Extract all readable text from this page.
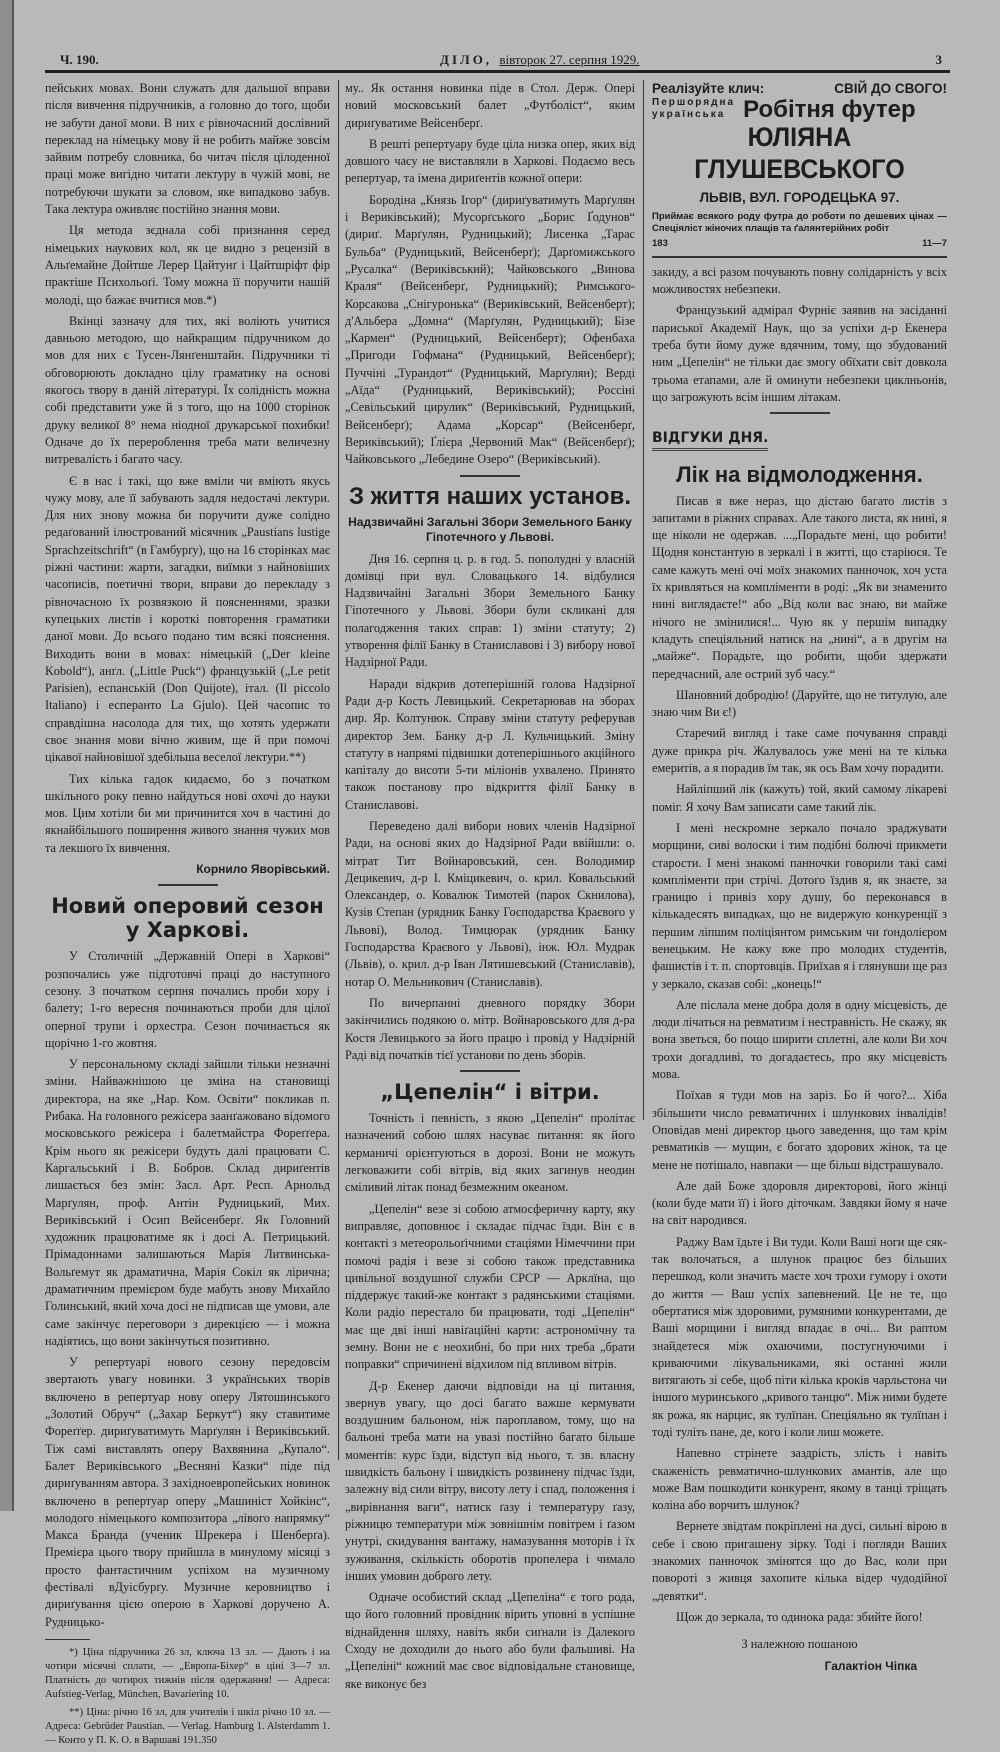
Ч. 190.	ДІЛО, вівторок 27. серпня 1929.	3

пейських мовах. Вони служать для дальшої вправи після вивчення підручників, а головно до того, щоби не забути даної мови. В них є рівночасний дослівний переклад на німецьку мову й не робить майже зовсім зайвим потребу словника, бо читач після цілоденної праці може вигідно читати лектуру в чужій мові, не потребуючи шукати за словом, яке випадково забув. Така лектура оживляє постійно знання мови.

Ця метода зєднала собі признання серед німецьких наукових кол, як це видно з рецензій в Альґемайне Дойтше Лерер Цайтунґ і Цайтшріфт фір практіше Психольоґі. Тому можна її поручити нашій молоді, що бажає вчитися мов.*)

Вкінці зазначу для тих, які воліють учитися давньою методою, що найкращим підручником до мов для них є Тусен-Лянґенштайн. Підручники ті обговорюють докладно цілу граматику на основі якогось твору в даній літературі. Їх солідність можна собі представити уже й з того, що на 1000 сторінок друку великої 8° нема ніодної друкарської похибки! Одначе до їх перероблення треба мати величезну витревалість і багато часу.

Є в нас і такі, що вже вміли чи вміють якусь чужу мову, але її забувають задля недостачі лектури. Для них знову можна би поручити дуже солідно редаґований ілюстрований місячник „Paustians lustige Sprachzeitschrift“ (в Гамбурґу), що на 16 сторінках має ріжні частини: жарти, загадки, виїмки з найновіших часописів, поетичні твори, вправи до перекладу з рівночасною їх розвязкою й поясненнями, зразки купецьких листів і короткі повторення граматики даної мови. До всього подано тим всякі пояснення. Виходить вони в мовах: німецькій („Der kleine Kobold“), анґл. („Little Puck“) французькій („Le petit Parisien), еспанській (Don Quijote), італ. (Il piccolo Italiano) і есперанто La Gjulo). Цей часопис то справдішна насолода для тих, що хотять удержати своє знання мови вічно живим, ще й при помочі цікавої найновішої здебільша веселої лектури.**)

Тих кілька гадок кидаємо, бо з початком шкільного року певно найдуться нові охочі до науки мов. Цим хотіли би ми причинится хоч в частині до якнайбільшого поширення живого знання чужих мов та лекшого їх вивчення.

Корнило Яворівський.
Новий оперовий сезон у Харкові.

У Столичній „Державній Опері в Харкові“ розпочались уже підготовчі праці до наступного сезону. З початком серпня почались проби хору і балету; 1-го вересня починаються проби для цілої оперної трупи і орхестра. Сезон починається як щорічно 1-го жовтня.

У персональному складі зайшли тільки незначні зміни. Найважнішою це зміна на становищі директора, на яке „Нар. Ком. Освіти“ покликав п. Рибака. На головного режісера заанґажовано відомого московського режісера і балетмайстра Фореґґера. Крім нього як режісери будуть далі працювати С. Каргальський і В. Бобров. Склад дириґентів лишається без змін: Засл. Арт. Респ. Арнольд Марґулян, проф. Антін Рудницький, Мих. Вериківський і Осип Вейсенберґ. Як Головний художник працюватиме як і досі А. Петрицький. Прімадоннами залишаються Марія Литвинська-Вольґемут як драматична, Марія Сокіл як лірична; драматичним премієром буде мабуть знову Михайло Голинський, який хоча досі не підписав ще умови, але саме закінчує переговори з дирекцією — і можна надіятись, що вони закінчуться позитивно.

У репертуарі нового сезону передовсім звертають увагу новинки. З українських творів включено в репертуар нову оперу Лятошинського „Золотий Обруч“ („Захар Беркут“) яку ставитиме Фореґґер. дириґуватимуть Марґулян і Вериківський. Тіж самі виставлять оперу Вахвянина „Купало“. Балет Вериківського „Весняні Казки“ піде під дириґуванням автора. З західноевропейських новинок включено в репертуар оперу „Машиніст Хойкінс“, молодого німецького композитора „лівого напрямку“ Макса Бранда (ученик Шрекера і Шенберґа). Премієра цього твору прийшла в минулому місяці з просто фантастичним успіхом на музичному фестівалі вДуісбурґу. Музичне керовництво і дириґування цією оперою в Харкові доручено А. Рудницько-

*) Ціна підручника 26 зл, ключа 13 зл. — Дають і на чотири місячні сплати, — „Европа-Біхер“ в ціні 3—7 зл. Платність до чотирох тижнів після одержання! — Адреса: Aufstieg-Verlag, München, Bavariering 10.

**) Ціна: річно 16 зл, для учителів і шкіл річно 10 зл. — Адреса: Gebrüder Paustian. — Verlag. Hamburg 1. Alsterdamm 1. — Конто у П. К. О. в Варшаві 191.350

му.. Як остання новинка піде в Стол. Держ. Опері новий московський балет „Футболіст“, яким дириґуватиме Вейсенберґ.

В решті репертуару буде ціла низка опер, яких від довшого часу не виставляли в Харкові. Подаємо весь репертуар, та імена дириґентів кожної опери:

Бородіна „Князь Ігор“ (дириґуватимуть Марґулян і Вериківський); Мусорґського „Борис Ґодунов“ (дириґ. Марґулян, Рудницький); Лисенка „Тарас Бульба“ (Рудницький, Вейсенберґ); Дарґомижського „Русалка“ (Вериківський); Чайковського „Винова Краля“ (Вейсенберґ, Рудницький); Римського-Корсакова „Снігуронька“ (Вериківський, Вейсенберт); д'Альбера „Домна“ (Марґулян, Рудницький); Бізе „Кармен“ (Рудницький, Вейсенберт); Офенбаха „Пригоди Гофмана“ (Рудницький, Вейсенберґ); Пуччіні „Турандот“ (Рудницький, Марґулян); Верді „Аїда“ (Рудницький, Вериківський); Россіні „Севільський цирулик“ (Вериківський, Рудницький, Вейсенберґ); Адама „Корсар“ (Вейсенберґ, Вериківський); Ґлієра „Червоний Мак“ (Вейсенберґ); Чайковського „Лебедине Озеро“ (Вериківський).

З життя наших установ.
Надзвичайні Загальні Збори Земельного Банку Гіпотечного у Львові.

Дня 16. серпня ц. р. в год. 5. пополудні у власній домівці при вул. Словацького 14. відбулися Надзвичайні Загальні Збори Земельного Банку Гіпотечного у Львові. Збори були скликані для полагодження таких справ: 1) зміни статуту; 2) утворення філії Банку в Станиславові і 3) вибору нової Надзірної Ради.

Наради відкрив дотеперішній голова Надзірної Ради д-р Кость Левицький. Секретарював на зборах дир. Яр. Колтунюк. Справу зміни статуту реферував директор Зем. Банку д-р Л. Кульчицький. Зміну статуту в напрямі підвишки дотеперішнього акційного капіталу до висоти 5-ти міліонів ухвалено. Принято також постанову про відкриття філії Банку в Станиславові.

Переведено далі вибори нових членів Надзірної Ради, на основі яких до Надзірної Ради ввійшли: о. мітрат Тит Войнаровський, сен. Володимир Децикевич, д-р І. Кміцикевич, о. крил. Ковальський Олександер, о. Ковалюк Тимотей (парох Скнилова), Кузів Степан (урядник Банку Господарства Краєвого у Львові), Волод. Тимцюрак (урядник Банку Господарства Краєвого у Львові), інж. Юл. Мудрак (Львів), о. крил. д-р Іван Лятишевський (Станиславів), нотар О. Мельникович (Станиславів).

По вичерпанні дневного порядку Збори закінчились подякою о. мітр. Войнаровського для д-ра Костя Левицького за його працю і провід у Надзірній Раді від початків тієї установи по день зборів.

„Цепелін“ і вітри.

Точність і певність, з якою „Цепелін“ пролітає назначений собою шлях насуває питання: як його керманичі орієнтуються в дорозі. Вони не можуть легковажити собі вітрів, від яких загинув неодин сміливий літак понад безмежним океаном.

„Цепелін“ везе зі собою атмосферичну карту, яку виправляє, доповнює і складає підчас їзди. Він є в контакті з метеорольоґічними стаціями Німеччини при помочі радія і везе зі собою також представника цивільної воздушної служби СРСР — Арклїна, що піддержує такий-же контакт з радянськими стаціями. Коли радіо перестало би працювати, тоді „Цепелін“ має ще дві інші навіґаційні карти: астрономічну та земну. Вони не є неохибні, бо при них треба „брати поправки“ спричинені відхилом під впливом вітрів.

Д-р Екенер даючи відповіди на ці питання, звернув увагу, що досі багато важше кермувати воздушним бальоном, ніж пароплавом, тому, що на бальоні треба мати на увазі постійно багато більше моментів: курс їзди, відступ від нього, т. зв. власну швидкість бальону і швидкість розвинену підчас їзди, залежну від сили вітру, висоту лету і спад, положення і „вирівнання ваги“, натиск ґазу і температуру ґазу, ріжницю температури між зовнішнім повітрем і ґазом унутрі, скидування вантажу, намазування моторів і їх зуживання, скількість оборотів пропелера і чимало інших умовин доброго лету.

Одначе особистий склад „Цепеліна“ є того рода, що його головний провідник вірить уповні в успішне віднайдення шляху, навіть якби сиґнали із Далекого Сходу не доходили до нього або були фальшиві. На „Цепеліні“ кожний має своє відповідальне становище, яке виконує без

Реалізуйте клич:	СВІЙ ДО СВОГО!
Першорядна
українська Робітня футер
ЮЛІЯНА ГЛУШЕВСЬКОГО
ЛЬВІВ, ВУЛ. ГОРОДЕЦЬКА 97.
Приймає всякого роду футра до роботи по дешевих цінах — Спеціяліст жіночих плащів та ґалянтерійних робіт
183	11—7

закиду, а всі разом почувають повну солідарність у всіх можливостях небезпеки.

Французький адмірал Фурніє заявив на засіданні париської Академії Наук, що за успіхи д-р Екенера треба бути йому дуже вдячним, тому, що збудований ним „Цепелін“ не тільки дає змогу обїхати світ довкола трьома етапами, але й оминути небезпеки циклньонів, що загрожують всім іншим літакам.

ВІДГУКИ ДНЯ.
Лік на відмолодження.

Писав я вже нераз, що дістаю багато листів з запитами в ріжних справах. Але такого листа, як нині, я ще ніколи не одержав. ...„Порадьте мені, що робити! Щодня константую в зеркалі і в житті, що старіюся. Те саме кажуть мені очі моїх знакомих панночок, хоч уста їх кривляться на компліменти в роді: „Як ви знаменито нині виглядаєте!“ або „Від коли вас знаю, ви майже нічого не змінилися!... Чую як у першім випадку кладуть спеціяльний натиск на „нині“, а в другім на „майже“. Порадьте, що робити, щоби здержати передчасний, але острий зуб часу.“

Шановний добродію! (Даруйте, що не титулую, але знаю чим Ви є!)

Старечий вигляд і таке саме почування справді дуже прикра річ. Жалувалось уже мені на те кілька емеритів, а я порадив їм так, як ось Вам хочу порадити.

Найліпший лік (кажуть) той, який самому лікареві поміг. Я хочу Вам записати саме такий лік.

І мені нескромне зеркало почало зраджувати морщини, сиві волоски і тим подібні болючі прикмети старости. І мені знакомі панночки говорили такі самі компліменти при стрічі. Дотого їздив я, як знаєте, за границю і привіз хору душу, бо переконався в кількадесять випадках, що не видержую конкуренції з першим ліпшим поліціянтом римським чи ґондолієром венецьким. Не кажу вже про молодих студентів, фашистів і т. п. спортовців. Приїхав я і глянувши ще раз у зеркало, сказав собі: „конець!“

Але післала мене добра доля в одну місцевість, де люди лічаться на ревматизм і нестравність. Не скажу, як вона зветься, бо пощо ширити сплетні, але коли Ви хоч трохи догадливі, то догадаєтесь, про яку місцевість мова.

Поїхав я туди мов на заріз. Бо й чого?... Хіба збільшити число ревматичних і шлункових інвалідів! Оповідав мені директор цього заведення, що там крім ревматиків — мущин, є богато здорових жінок, та це мене не потішало, навпаки — ще більш відстрашувало.

Але дай Боже здоровля директорові, його жінці (коли буде мати її) і його діточкам. Завдяки йому я наче на світ народився.

Раджу Вам їдьте і Ви туди. Коли Ваші ноги ще сяк-так волочаться, а шлунок працює без більших перешкод, коли значить маєте хоч трохи гумору і охоти до життя — Ваш успіх запевнений. Це не те, що обертатися між здоровими, румяними конкурентами, де Ваші морщини і вигляд впадає в очі... Ви раптом знайдетеся між охаючими, постугнуючими і криваючими лікувальниками, які останні жили витягають зі себе, щоб піти кілька кроків чарльстона чи іншого муринського „кривого танцю“. Між ними будете як рожа, як нарцис, як тулїпан. Спеціяльно як тулїпан і тоді туліть пане, де, кого і коли лиш можете.

Напевно стрінете заздрість, злість і навіть скаженість ревматично-шлункових амантів, але що може Вам пошкодити конкурент, якому в танці тріщать коліна або ворчить шлунок?

Вернете звідтам покріплені на дусі, сильні вірою в себе і свою пригашену зірку. Тоді і погляди Ваших знакомих панночок змінятся що до Вас, коли при повороті з живця захопите кілька відер чудодійної „девятки“.

Щож до зеркала, то одинока рада: збийте його!

З належною пошаною
Галактіон Чіпка
